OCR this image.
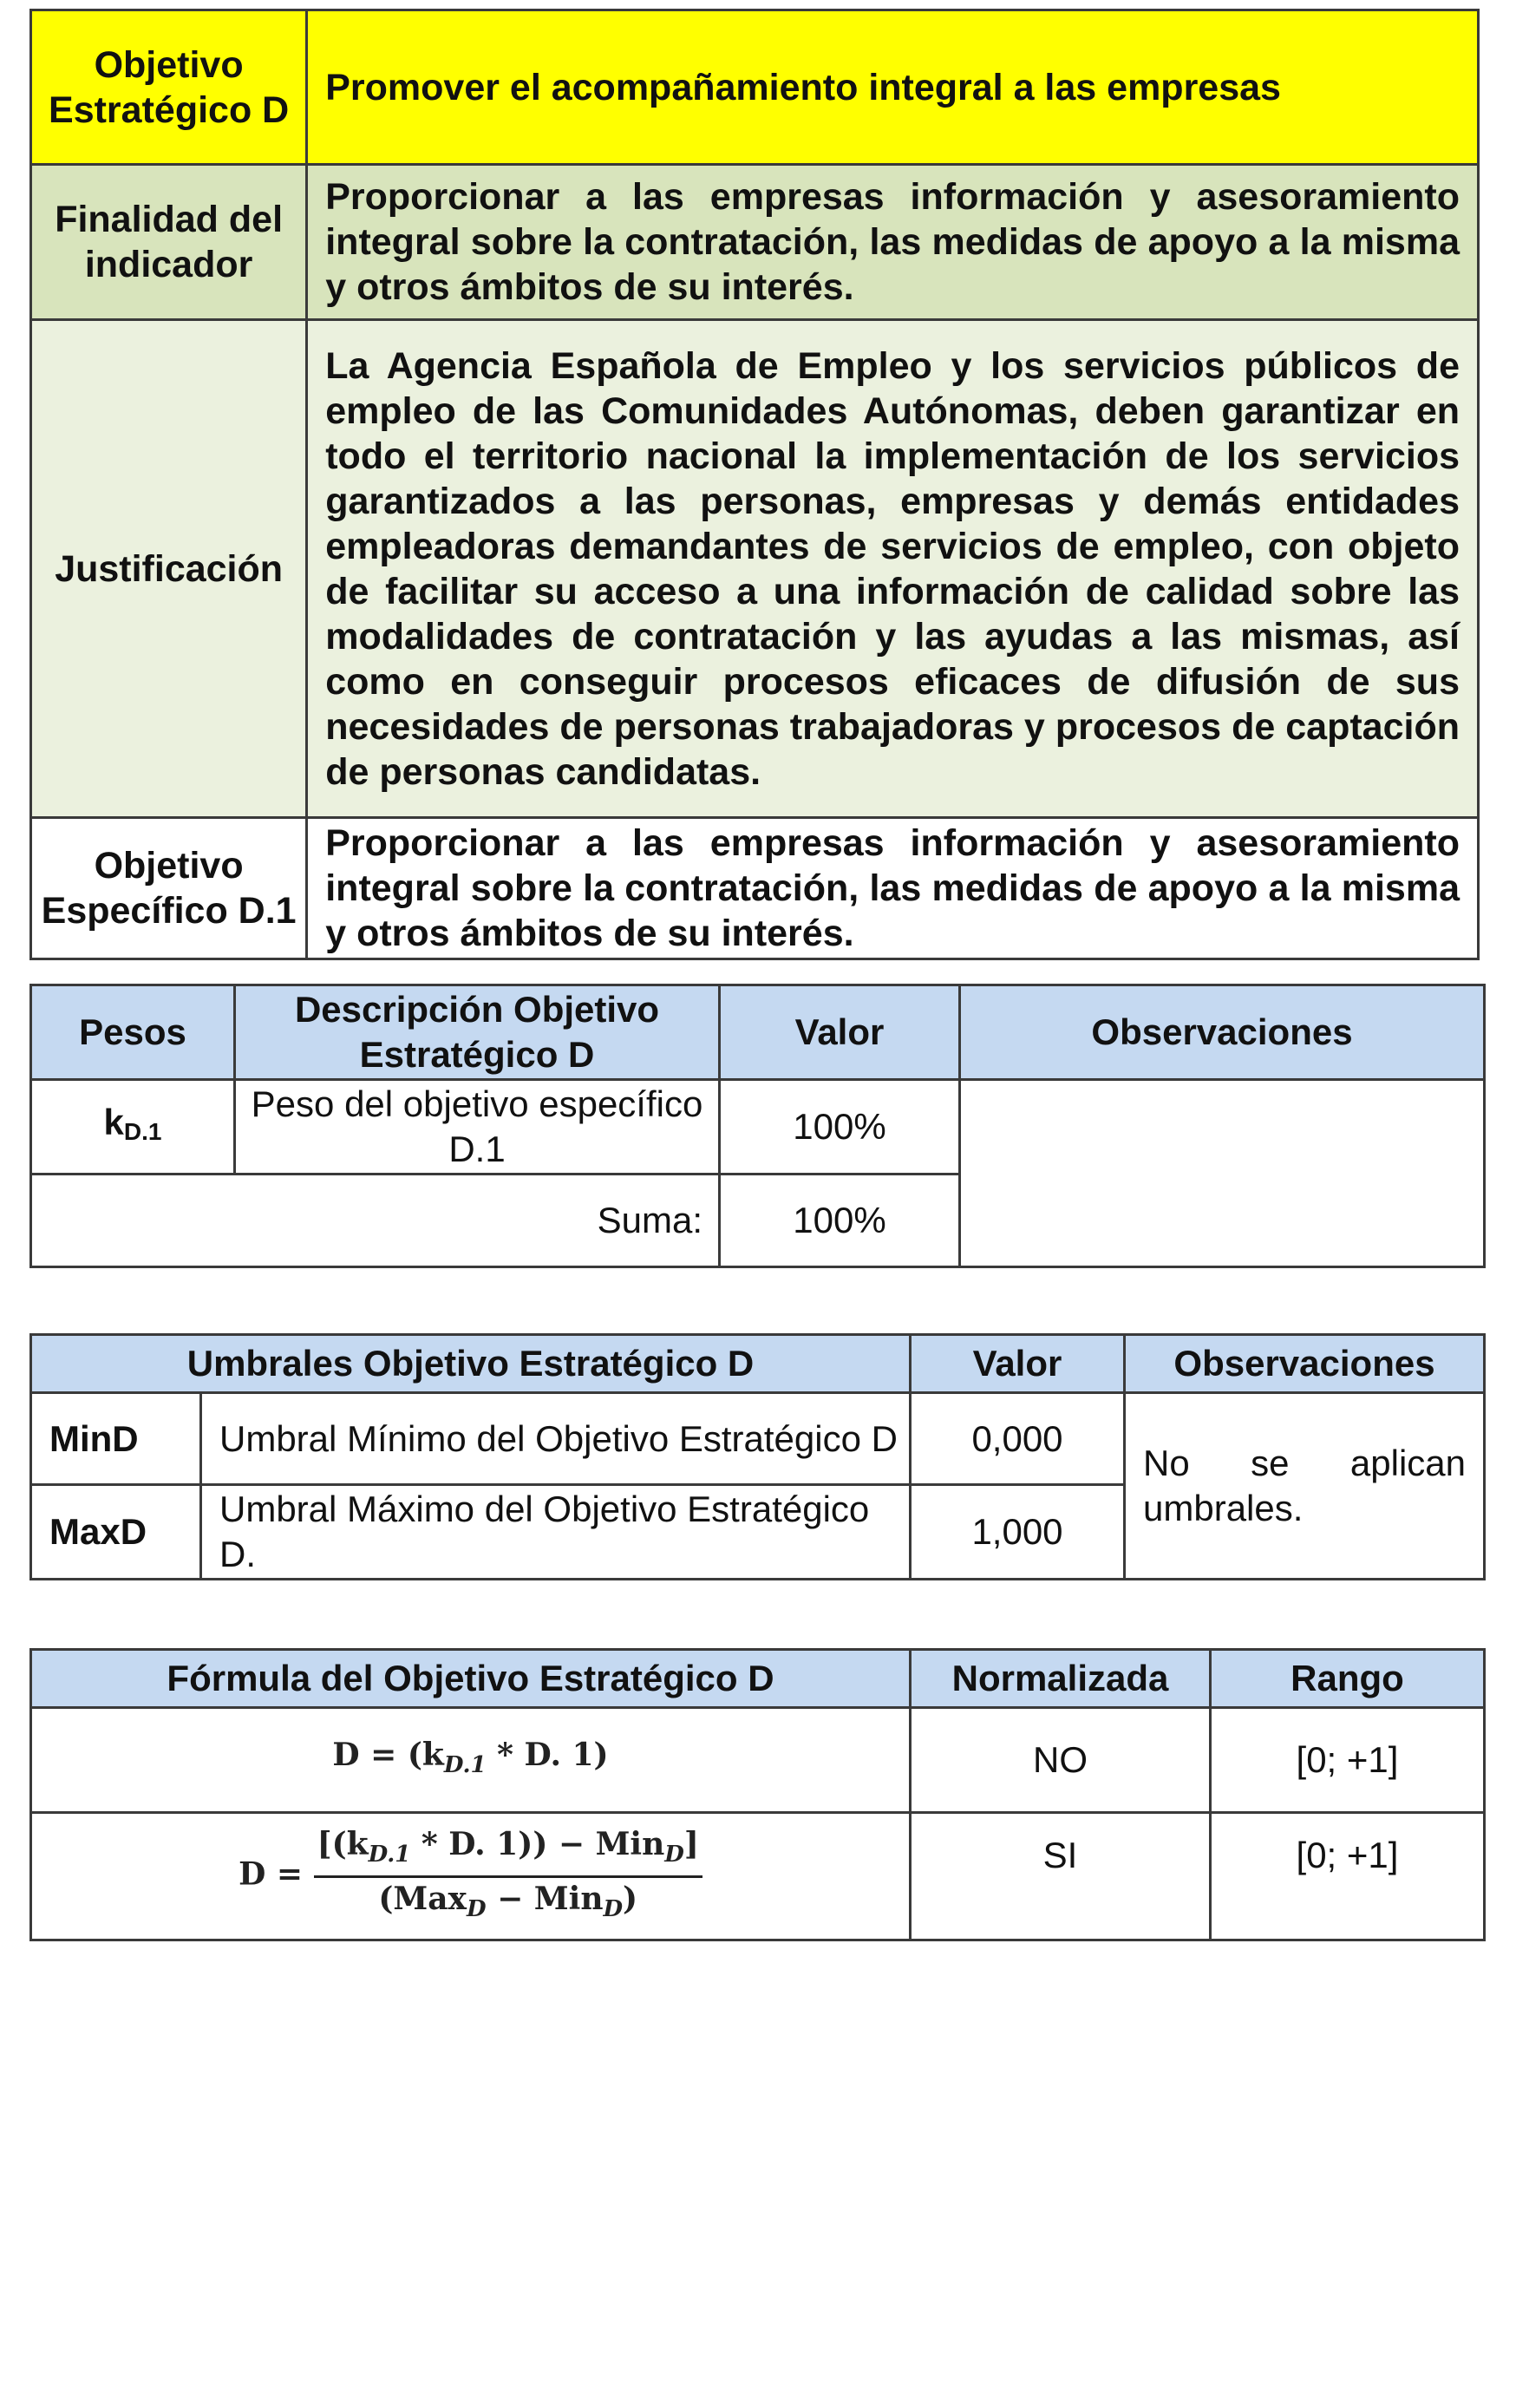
Objetivo Estratégico D	Promover el acompañamiento integral a las empresas
Finalidad del indicador	Proporcionar a las empresas información y asesoramiento integral sobre la contratación, las medidas de apoyo a la misma y otros ámbitos de su interés.
Justificación	La Agencia Española de Empleo y los servicios públicos de empleo de las Comunidades Autónomas, deben garantizar en todo el territorio nacional la implementación de los servicios garantizados a las personas, empresas y demás entidades empleadoras demandantes de servicios de empleo, con objeto de facilitar su acceso a una información de calidad sobre las modalidades de contratación y las ayudas a las mismas, así como en conseguir procesos eficaces de difusión de sus necesidades de personas trabajadoras y procesos de captación de personas candidatas.
Objetivo Específico D.1	Proporcionar a las empresas información y asesoramiento integral sobre la contratación, las medidas de apoyo a la misma y otros ámbitos de su interés.
Pesos	Descripción Objetivo Estratégico D	Valor	Observaciones
$k_{D.1}$	Peso del objetivo específico D.1	100%	
Suma:		100%	
Umbrales Objetivo Estratégico D		Valor	Observaciones
MinD	Umbral Mínimo del Objetivo Estratégico D	0,000	No se aplican umbrales.
MaxD	Umbral Máximo del Objetivo Estratégico D.	1,000	
Fórmula del Objetivo Estratégico D	Normalizada	Rango
$D = (k_{D.1} * D$. 1)	NO	[0; +1]
$D = \frac{[(k_{D.1} * D. 1)) - Min_D]}{(Max_D - Min_D)}$	SI	[0; +1]
